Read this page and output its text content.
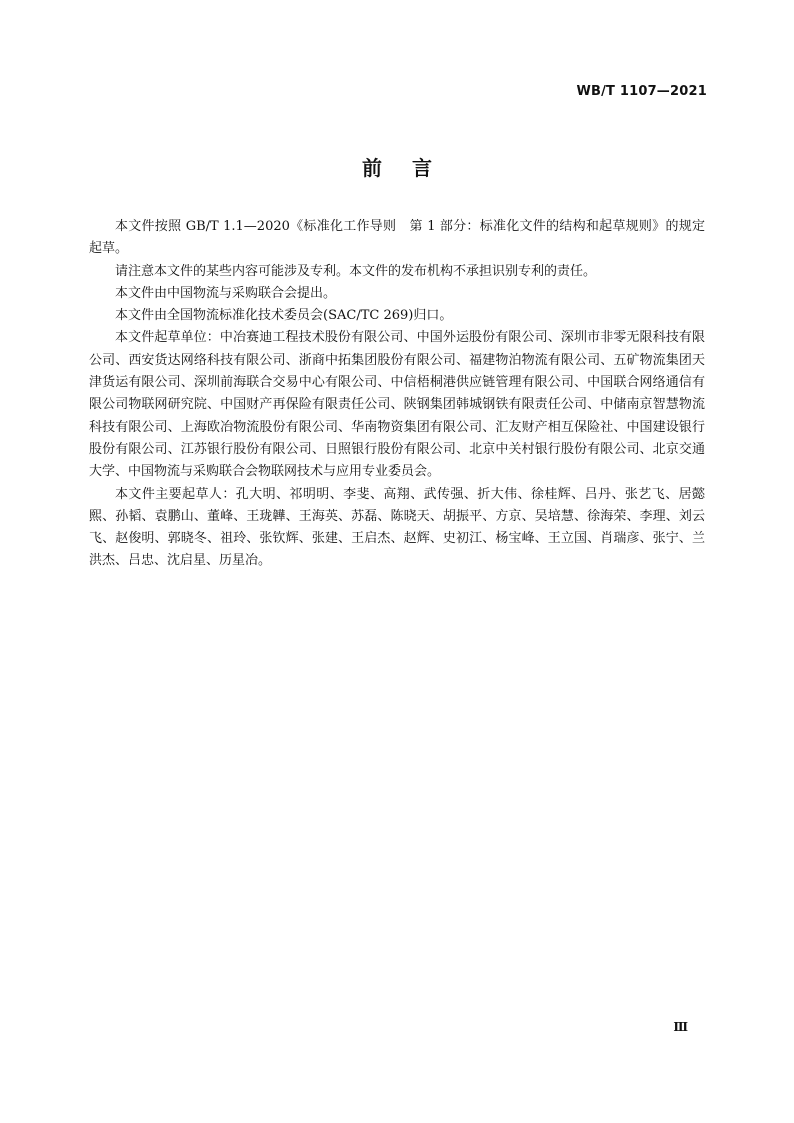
WB/T 1107—2021
前言

本文件按照 GB/T 1.1—2020《标准化工作导则　第 1 部分：标准化文件的结构和起草规则》的规定起草。

请注意本文件的某些内容可能涉及专利。本文件的发布机构不承担识别专利的责任。

本文件由中国物流与采购联合会提出。

本文件由全国物流标准化技术委员会(SAC/TC 269)归口。

本文件起草单位：中冶赛迪工程技术股份有限公司、中国外运股份有限公司、深圳市非零无限科技有限公司、西安货达网络科技有限公司、浙商中拓集团股份有限公司、福建物泊物流有限公司、五矿物流集团天津货运有限公司、深圳前海联合交易中心有限公司、中信梧桐港供应链管理有限公司、中国联合网络通信有限公司物联网研究院、中国财产再保险有限责任公司、陕钢集团韩城钢铁有限责任公司、中储南京智慧物流科技有限公司、上海欧冶物流股份有限公司、华南物资集团有限公司、汇友财产相互保险社、中国建设银行股份有限公司、江苏银行股份有限公司、日照银行股份有限公司、北京中关村银行股份有限公司、北京交通大学、中国物流与采购联合会物联网技术与应用专业委员会。

本文件主要起草人：孔大明、祁明明、李斐、高翔、武传强、折大伟、徐桂辉、吕丹、张艺飞、居懿熙、孙韬、袁鹏山、董峰、王珑韡、王海英、苏磊、陈晓天、胡振平、方京、吴培慧、徐海荣、李理、刘云飞、赵俊明、郭晓冬、祖玲、张钦辉、张建、王启杰、赵辉、史初江、杨宝峰、王立国、肖瑞彦、张宁、兰洪杰、吕忠、沈启星、历星冶。

Ⅲ
